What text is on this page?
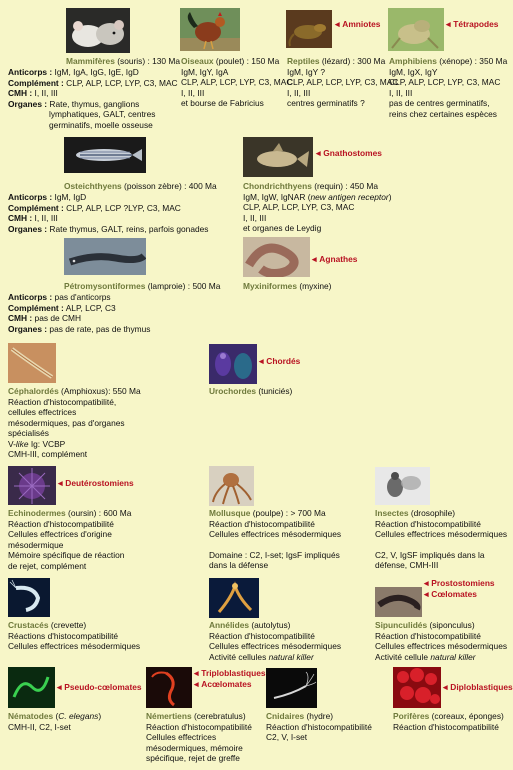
◄ Amniotes	◄ Tétrapodes
◄ Gnathostomes
◄ Agnathes
◄ Chordés
◄ Deutérostomiens
◄ Prostostomiens
◄ Cœlomates
◄ Pseudo-cœlomates
◄ Triploblastiques
◄ Acœlomates	◄ Diploblastiques
Mammifères (souris) : 130 Ma
Anticorps : IgM, IgA, IgG, IgE, IgD
Complément : CLP, ALP, LCP, LYP, C3, MAC
CMH : I, II, III
Organes : Rate, thymus, ganglions lymphatiques, GALT, centres germinatifs, moelle osseuse
Oiseaux (poulet) : 150 Ma
IgM, IgY, IgA
CLP, ALP, LCP, LYP, C3, MAC
I, II, III
et bourse de Fabricius
Reptiles (lézard) : 300 Ma
IgM, IgY ?
CLP, ALP, LCP, LYP, C3, MAC
I, II, III
centres germinatifs ?
Amphibiens (xénope) : 350 Ma
IgM, IgX, IgY
CLP, ALP, LCP, LYP, C3, MAC
I, II, III
pas de centres germinatifs,
reins chez certaines espèces
Osteichthyens (poisson zèbre) : 400 Ma
Anticorps : IgM, IgD
Complément : CLP, ALP, LCP ?LYP, C3, MAC
CMH : I, II, III
Organes : Rate thymus, GALT, reins, parfois gonades
Chondrichthyens (requin) : 450 Ma
IgM, IgW, IgNAR (new antigen receptor)
CLP, ALP, LCP, LYP, C3, MAC
I, II, III
et organes de Leydig
Pétromysontiformes (lamproie) : 500 Ma
Anticorps : pas d'anticorps
Complément : ALP, LCP, C3
CMH : pas de CMH
Organes : pas de rate, pas de thymus
Myxiniformes (myxine)
Céphalordés (Amphioxus): 550 Ma
Réaction d'histocompatibilité,
cellules effectrices
mésodermiques, pas d'organes
spécialisés
V-like Ig: VCBP
CMH-III, complément
Urochordes (tuniciés)
Echinodermes (oursin) : 600 Ma
Réaction d'histocompatibilité
Cellules effectrices d'origine
mésodermique
Mémoire spécifique de réaction
de rejet, complément
Mollusque (poulpe) : > 700 Ma
Réaction d'histocompatibilité
Cellules effectrices mésodermiques
Domaine : C2, I-set; IgsF impliqués
dans la défense
Insectes (drosophile)
Réaction d'histocompatibilité
Cellules effectrices mésodermiques
C2, V, IgSF impliqués dans la
défense, CMH-III
Crustacés (crevette)
Réactions d'histocompatibilité
Cellules effectrices mésodermiques
Annélides (autolytus)
Réaction d'histocompatibilité
Cellules effectrices mésodermiques
Activité cellules natural killer
Sipunculidés (siponculus)
Réaction d'histocompatibilité
Cellules effectrices mésodermiques
Activité cellule natural killer
Nématodes (C. elegans)
CMH-II, C2, I-set
Némertiens (cerebratulus)
Réaction d'histocompatibilité
Cellules effectrices
mésodermiques, mémoire
spécifique, rejet de greffe
Cnidaires (hydre)
Réaction d'histocompatibilité
C2, V, I-set
Porifères (coreaux, éponges)
Réaction d'histocompatibilité
